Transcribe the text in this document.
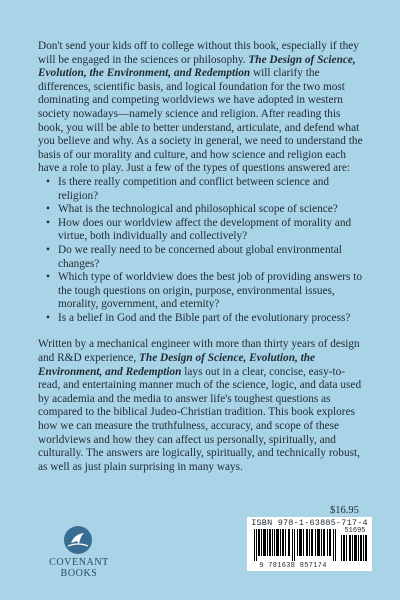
Don't send your kids off to college without this book, especially if they will be engaged in the sciences or philosophy. The Design of Science, Evolution, the Environment, and Redemption will clarify the differences, scientific basis, and logical foundation for the two most dominating and competing worldviews we have adopted in western society nowadays—namely science and religion. After reading this book, you will be able to better understand, articulate, and defend what you believe and why. As a society in general, we need to understand the basis of our morality and culture, and how science and religion each have a role to play. Just a few of the types of questions answered are:

• Is there really competition and conflict between science and religion?
• What is the technological and philosophical scope of science?
• How does our worldview affect the development of morality and virtue, both individually and collectively?
• Do we really need to be concerned about global environmental changes?
• Which type of worldview does the best job of providing answers to the tough questions on origin, purpose, environmental issues, morality, government, and eternity?
• Is a belief in God and the Bible part of the evolutionary process?

Written by a mechanical engineer with more than thirty years of design and R&D experience, The Design of Science, Evolution, the Environment, and Redemption lays out in a clear, concise, easy-to-read, and entertaining manner much of the science, logic, and data used by academia and the media to answer life's toughest questions as compared to the biblical Judeo-Christian tradition. This book explores how we can measure the truthfulness, accuracy, and scope of these worldviews and how they can affect us personally, spiritually, and culturally. The answers are logically, spiritually, and technically robust, as well as just plain surprising in many ways.

$16.95
ISBN 978-1-63885-717-4
51695
9 781638 857174
COVENANT BOOKS
